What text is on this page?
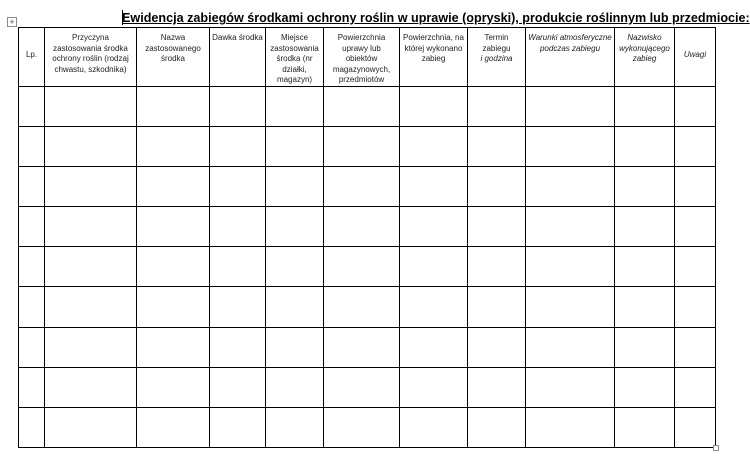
+	Ewidencja zabiegów środkami ochrony roślin w uprawie (opryski), produkcie roślinnym lub przedmiocie:
Lp.	Przyczyna zastosowania środka ochrony roślin (rodzaj chwastu, szkodnika)	Nazwa zastosowanego środka	Dawka środka	Miejsce zastosowania środka (nr działki, magazyn)	Powierzchnia uprawy lub obiektów magazynowych, przedmiotów	Powierzchnia, na której wykonano zabieg	Termin zabiegu
i godzina	Warunki atmosferyczne podczas zabiegu	Nazwisko wykonującego zabieg	Uwagi
